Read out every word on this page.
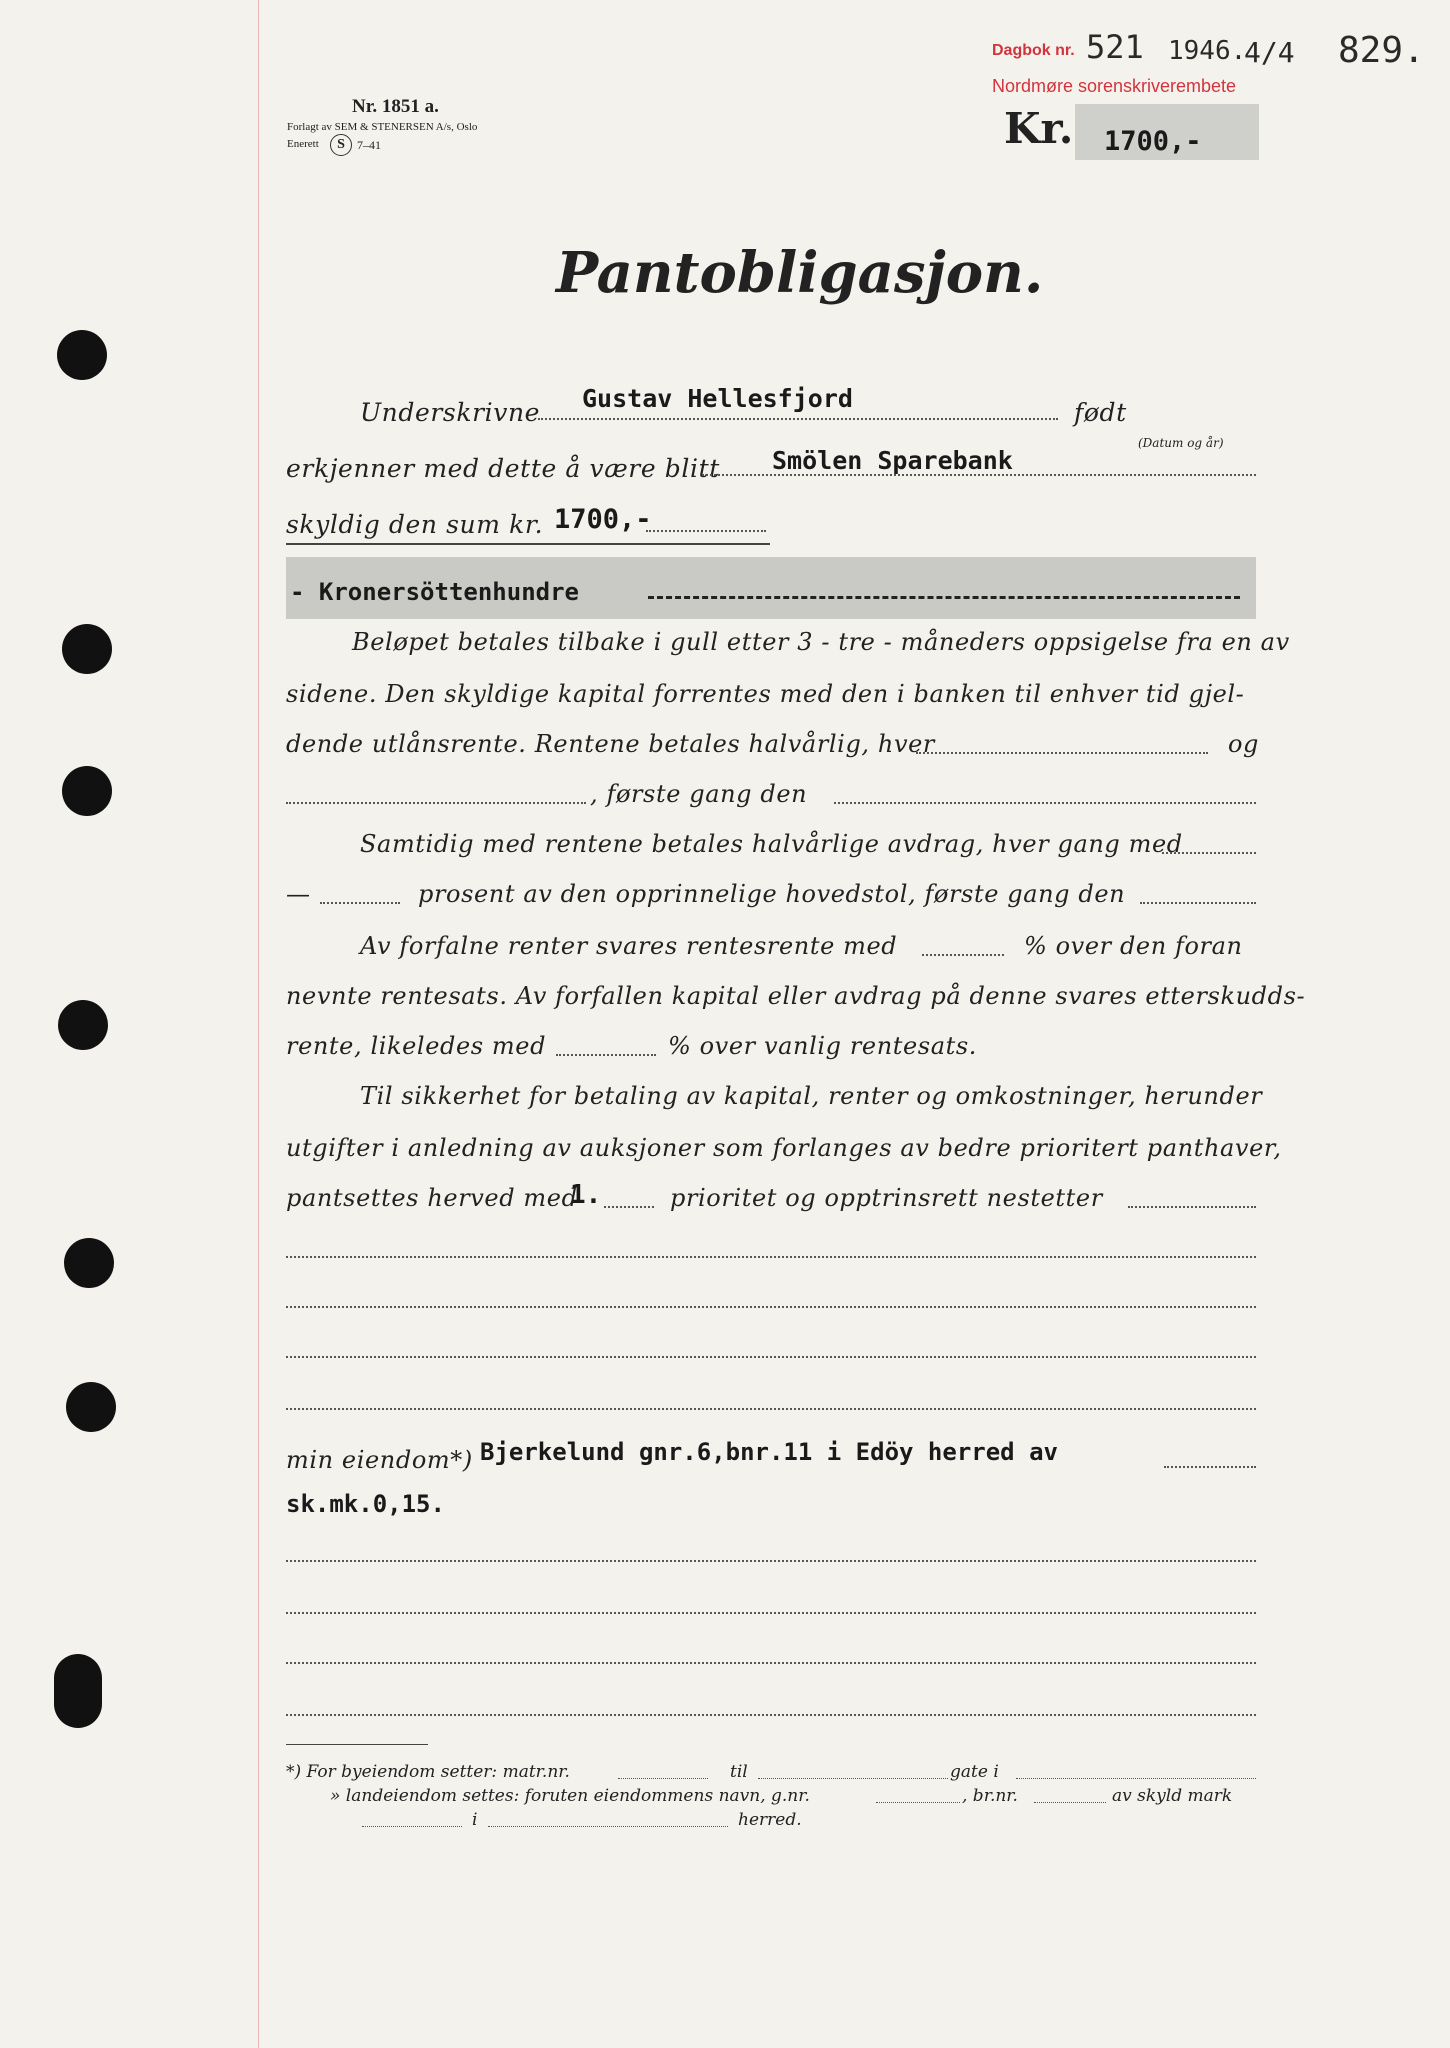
Nr. 1851 a.
Forlagt av SEM & STENERSEN A/s, Oslo
Enerett	S	7–41
Dagbok nr. 521 1946.
4/4
Nordmøre sorenskriverembete
829.
Kr. 1700,-
Pantobligasjon.
Underskrivne Gustav Hellesfjord	født
(Datum og år)
erkjenner med dette å være blitt Smölen Sparebank
skyldig den sum kr. 1700,-
- Kronersöttenhundre
Beløpet betales tilbake i gull etter 3 - tre - måneders oppsigelse fra en av
sidene. Den skyldige kapital forrentes med den i banken til enhver tid gjel-
dende utlånsrente. Rentene betales halvårlig, hver	og
, første gang den
Samtidig med rentene betales halvårlige avdrag, hver gang med
—	prosent av den opprinnelige hovedstol, første gang den
Av forfalne renter svares rentesrente med	% over den foran
nevnte rentesats. Av forfallen kapital eller avdrag på denne svares etterskudds-
rente, likeledes med	% over vanlig rentesats.
Til sikkerhet for betaling av kapital, renter og omkostninger, herunder
utgifter i anledning av auksjoner som forlanges av bedre prioritert panthaver,
pantsettes herved med
1.	prioritet og opptrinsrett nestetter
min eiendom*) Bjerkelund gnr.6,bnr.11 i Edöy herred av
sk.mk.0,15.
*) For byeiendom setter: matr.nr.	til	gate i
» landeiendom settes: foruten eiendommens navn, g.nr.	, br.nr.	av skyld mark
i	herred.
